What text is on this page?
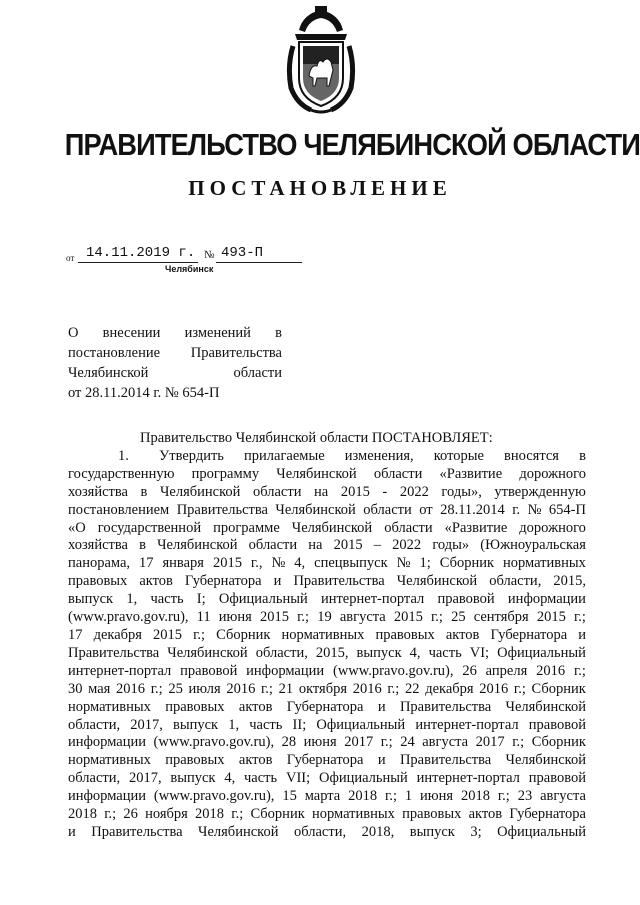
ПРАВИТЕЛЬСТВО ЧЕЛЯБИНСКОЙ ОБЛАСТИ
ПОСТАНОВЛЕНИЕ
от 14.11.2019 г. № 493-П
Челябинск
О внесении изменений в
постановление Правительства
Челябинской	области
от 28.11.2014 г. № 654-П
Правительство Челябинской области ПОСТАНОВЛЯЕТ:
1. Утвердить прилагаемые изменения, которые вносятся в
государственную программу Челябинской области «Развитие дорожного
хозяйства в Челябинской области на 2015 - 2022 годы», утвержденную
постановлением Правительства Челябинской области от 28.11.2014 г. № 654-П
«О государственной программе Челябинской области «Развитие дорожного
хозяйства в Челябинской области на 2015 – 2022 годы» (Южноуральская
панорама, 17 января 2015 г., № 4, спецвыпуск № 1; Сборник нормативных
правовых актов Губернатора и Правительства Челябинской области, 2015,
выпуск 1, часть I; Официальный интернет-портал правовой информации
(www.pravo.gov.ru), 11 июня 2015 г.; 19 августа 2015 г.; 25 сентября 2015 г.;
17 декабря 2015 г.; Сборник нормативных правовых актов Губернатора и
Правительства Челябинской области, 2015, выпуск 4, часть VI; Официальный
интернет-портал правовой информации (www.pravo.gov.ru), 26 апреля 2016 г.;
30 мая 2016 г.; 25 июля 2016 г.; 21 октября 2016 г.; 22 декабря 2016 г.; Сборник
нормативных правовых актов Губернатора и Правительства Челябинской
области, 2017, выпуск 1, часть II; Официальный интернет-портал правовой
информации (www.pravo.gov.ru), 28 июня 2017 г.; 24 августа 2017 г.; Сборник
нормативных правовых актов Губернатора и Правительства Челябинской
области, 2017, выпуск 4, часть VII; Официальный интернет-портал правовой
информации (www.pravo.gov.ru), 15 марта 2018 г.; 1 июня 2018 г.; 23 августа
2018 г.; 26 ноября 2018 г.; Сборник нормативных правовых актов Губернатора
и Правительства Челябинской области, 2018, выпуск 3; Официальный
